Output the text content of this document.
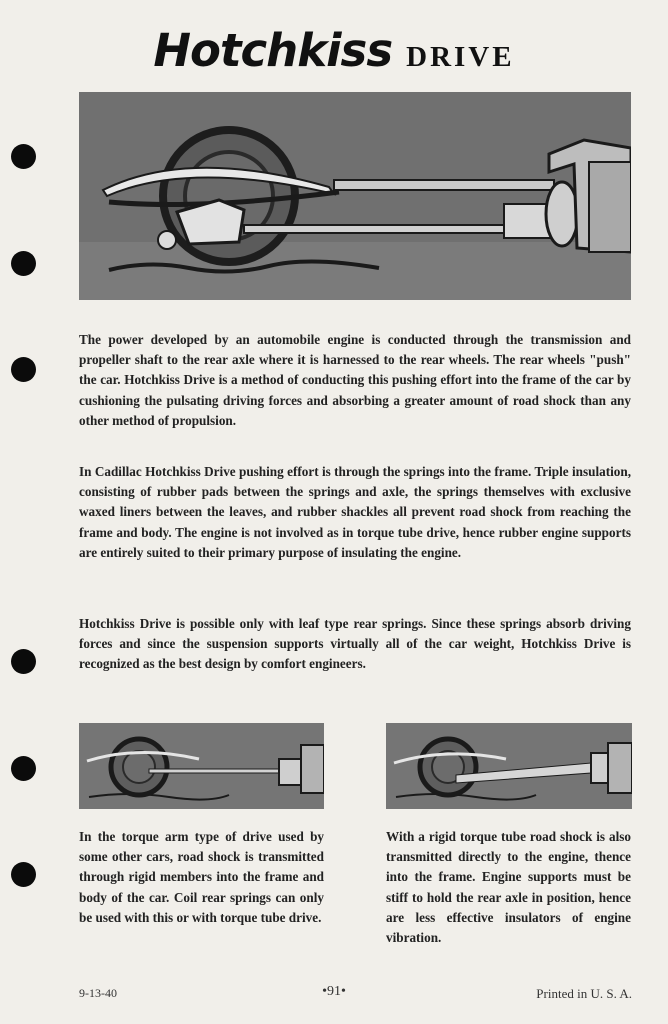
Hotchkiss DRIVE

The power developed by an automobile engine is conducted through the transmission and propeller shaft to the rear axle where it is harnessed to the rear wheels. The rear wheels "push" the car. Hotchkiss Drive is a method of conducting this pushing effort into the frame of the car by cushioning the pulsating driving forces and absorbing a greater amount of road shock than any other method of propulsion.

In Cadillac Hotchkiss Drive pushing effort is through the springs into the frame. Triple insulation, consisting of rubber pads between the springs and axle, the springs themselves with exclusive waxed liners between the leaves, and rubber shackles all prevent road shock from reaching the frame and body. The engine is not involved as in torque tube drive, hence rubber engine supports are entirely suited to their primary purpose of insulating the engine.

Hotchkiss Drive is possible only with leaf type rear springs. Since these springs absorb driving forces and since the suspension supports virtually all of the car weight, Hotchkiss Drive is recognized as the best design by comfort engineers.

In the torque arm type of drive used by some other cars, road shock is transmitted through rigid members into the frame and body of the car. Coil rear springs can only be used with this or with torque tube drive.
With a rigid torque tube road shock is also transmitted directly to the engine, thence into the frame. Engine supports must be stiff to hold the rear axle in position, hence are less effective insulators of engine vibration.
9-13-40	•91•	Printed in U. S. A.
